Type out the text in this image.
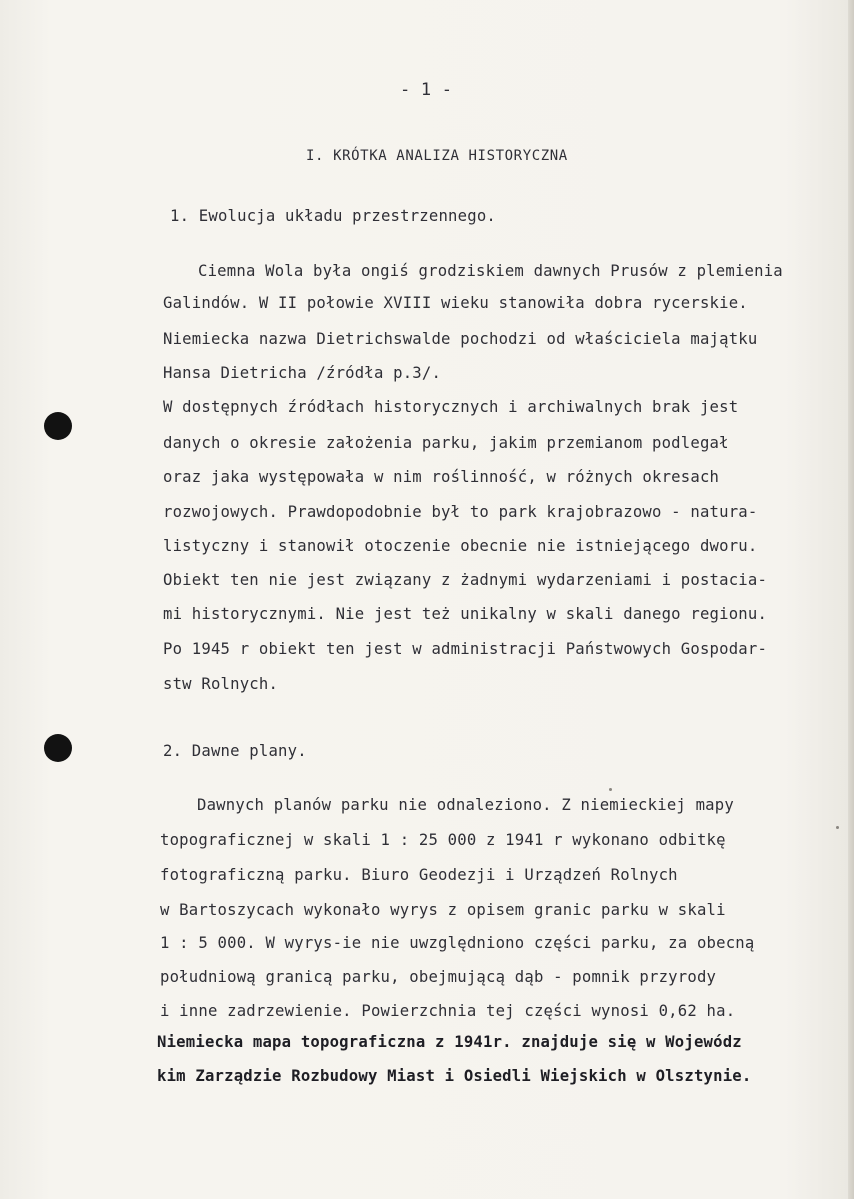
- 1 -
I. KRÓTKA ANALIZA HISTORYCZNA
1. Ewolucja układu przestrzennego.
Ciemna Wola była ongiś grodziskiem dawnych Prusów z plemienia
Galindów. W II połowie XVIII wieku stanowiła dobra rycerskie.
Niemiecka nazwa Dietrichswalde pochodzi od właściciela majątku
Hansa Dietricha /źródła p.3/.
W dostępnych źródłach historycznych i archiwalnych brak jest
danych o okresie założenia parku, jakim przemianom podlegał
oraz jaka występowała w nim roślinność, w różnych okresach
rozwojowych. Prawdopodobnie był to park krajobrazowo - natura-
listyczny i stanowił otoczenie obecnie nie istniejącego dworu.
Obiekt ten nie jest związany z żadnymi wydarzeniami i postacia-
mi historycznymi. Nie jest też unikalny w skali danego regionu.
Po 1945 r obiekt ten jest w administracji Państwowych Gospodar-
stw Rolnych.
2. Dawne plany.
Dawnych planów parku nie odnaleziono. Z niemieckiej mapy
topograficznej w skali 1 : 25 000 z 1941 r wykonano odbitkę
fotograficzną parku. Biuro Geodezji i Urządzeń Rolnych
w Bartoszycach wykonało wyrys z opisem granic parku w skali
1 : 5 000. W wyrys-ie nie uwzględniono części parku, za obecną
południową granicą parku, obejmującą dąb - pomnik przyrody
i inne zadrzewienie. Powierzchnia tej części wynosi 0,62 ha.
Niemiecka mapa topograficzna z 1941r. znajduje się w Wojewódz
kim Zarządzie Rozbudowy Miast i Osiedli Wiejskich w Olsztynie.
